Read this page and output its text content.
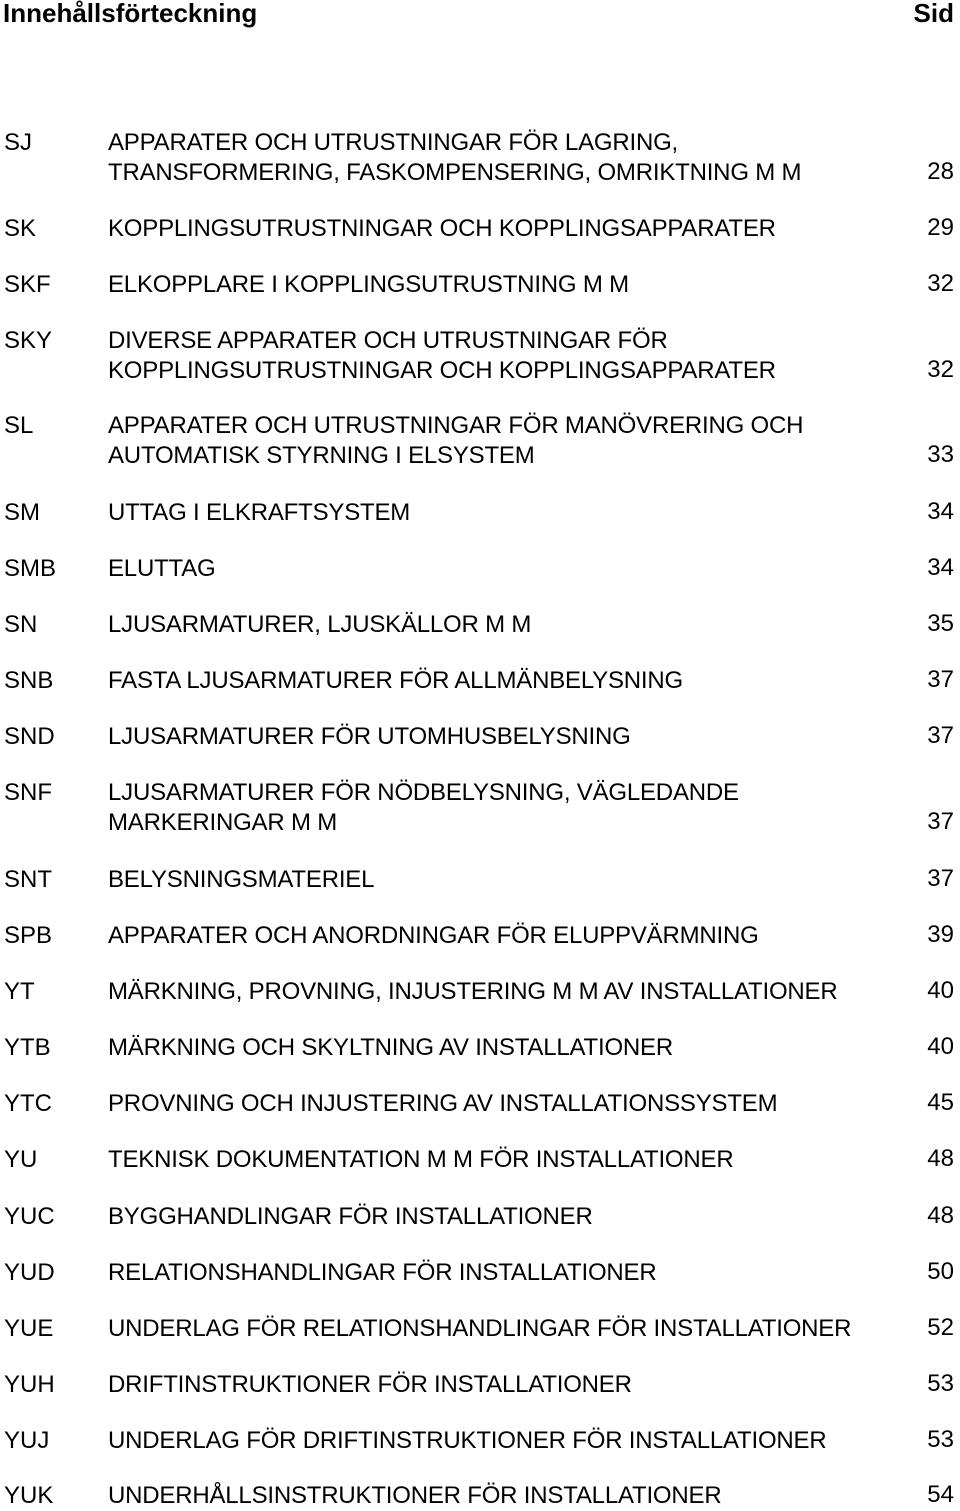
Innehållsförteckning	Sid
SJ	APPARATER OCH UTRUSTNINGAR FÖR LAGRING,
TRANSFORMERING, FASKOMPENSERING, OMRIKTNING M M	28
SK	KOPPLINGSUTRUSTNINGAR OCH KOPPLINGSAPPARATER	29
SKF ELKOPPLARE I KOPPLINGSUTRUSTNING M M	32
SKY DIVERSE APPARATER OCH UTRUSTNINGAR FÖR
KOPPLINGSUTRUSTNINGAR OCH KOPPLINGSAPPARATER	32
SL	APPARATER OCH UTRUSTNINGAR FÖR MANÖVRERING OCH
AUTOMATISK STYRNING I ELSYSTEM	33
SM	UTTAG I ELKRAFTSYSTEM	34
SMB ELUTTAG	34
SN	LJUSARMATURER, LJUSKÄLLOR M M	35
SNB FASTA LJUSARMATURER FÖR ALLMÄNBELYSNING	37
SND LJUSARMATURER FÖR UTOMHUSBELYSNING	37
SNF LJUSARMATURER FÖR NÖDBELYSNING, VÄGLEDANDE
MARKERINGAR M M	37
SNT BELYSNINGSMATERIEL	37
SPB APPARATER OCH ANORDNINGAR FÖR ELUPPVÄRMNING	39
YT	MÄRKNING, PROVNING, INJUSTERING M M AV INSTALLATIONER	40
YTB MÄRKNING OCH SKYLTNING AV INSTALLATIONER	40
YTC PROVNING OCH INJUSTERING AV INSTALLATIONSSYSTEM	45
YU	TEKNISK DOKUMENTATION M M FÖR INSTALLATIONER	48
YUC BYGGHANDLINGAR FÖR INSTALLATIONER	48
YUD RELATIONSHANDLINGAR FÖR INSTALLATIONER	50
YUE UNDERLAG FÖR RELATIONSHANDLINGAR FÖR INSTALLATIONER	52
YUH DRIFTINSTRUKTIONER FÖR INSTALLATIONER	53
YUJ UNDERLAG FÖR DRIFTINSTRUKTIONER FÖR INSTALLATIONER	53
YUK UNDERHÅLLSINSTRUKTIONER FÖR INSTALLATIONER	54
